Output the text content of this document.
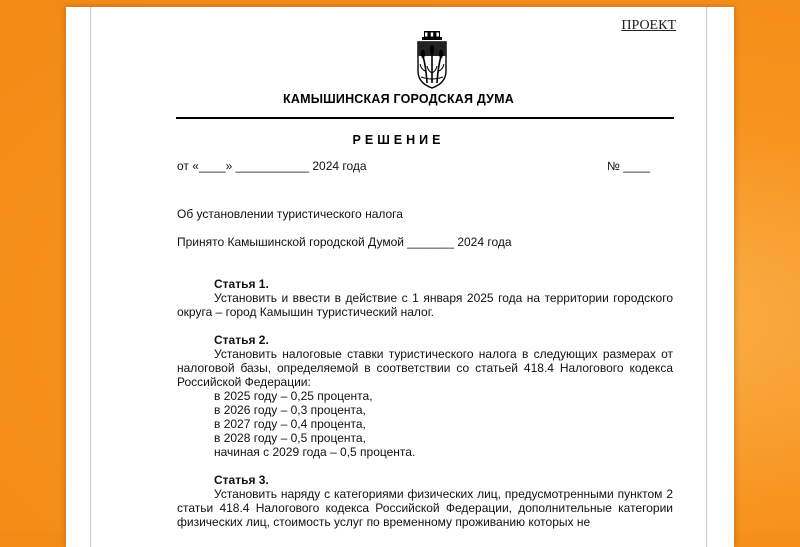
ПРОЕКТ
КАМЫШИНСКАЯ ГОРОДСКАЯ ДУМА
РЕШЕНИЕ
от «____» ___________ 2024 года	№ ____
Об установлении туристического налога
Принято Камышинской городской Думой _______ 2024 года
Статья 1.
Установить и ввести в действие с 1 января 2025 года на территории городского округа – город Камышин туристический налог.
Статья 2.
Установить налоговые ставки туристического налога в следующих размерах от налоговой базы, определяемой в соответствии со статьей 418.4 Налогового кодекса Российской Федерации:
в 2025 году – 0,25 процента,
в 2026 году – 0,3 процента,
в 2027 году – 0,4 процента,
в 2028 году – 0,5 процента,
начиная с 2029 года – 0,5 процента.
Статья 3.
Установить наряду с категориями физических лиц, предусмотренными пунктом 2 статьи 418.4 Налогового кодекса Российской Федерации, дополнительные категории физических лиц, стоимость услуг по временному проживанию которых не
